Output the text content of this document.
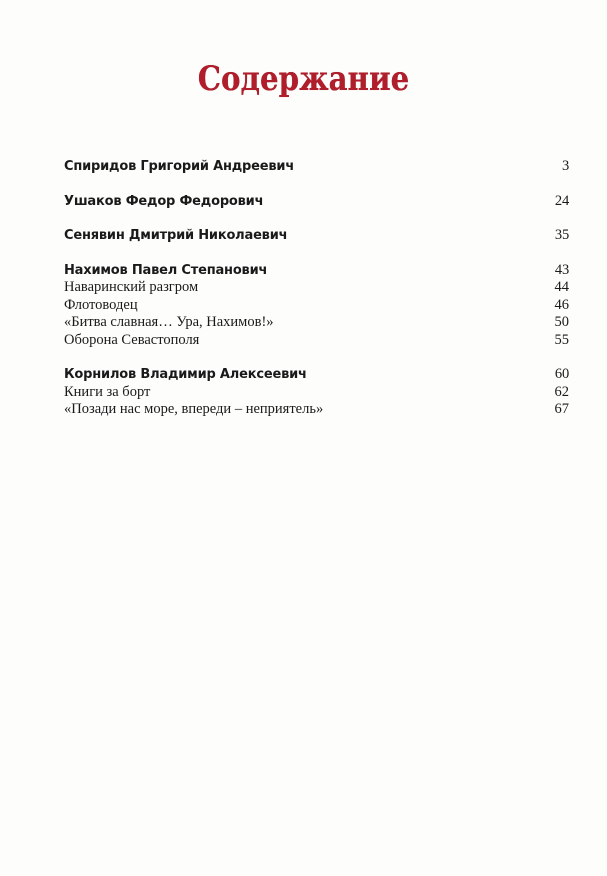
Содержание
Спиридов Григорий Андреевич	3
Ушаков Федор Федорович	24
Сенявин Дмитрий Николаевич	35
Нахимов Павел Степанович	43
Наваринский разгром	44
Флотоводец	46
«Битва славная… Ура, Нахимов!»	50
Оборона Севастополя	55
Корнилов Владимир Алексеевич	60
Книги за борт	62
«Позади нас море, впереди – неприятель»	67
